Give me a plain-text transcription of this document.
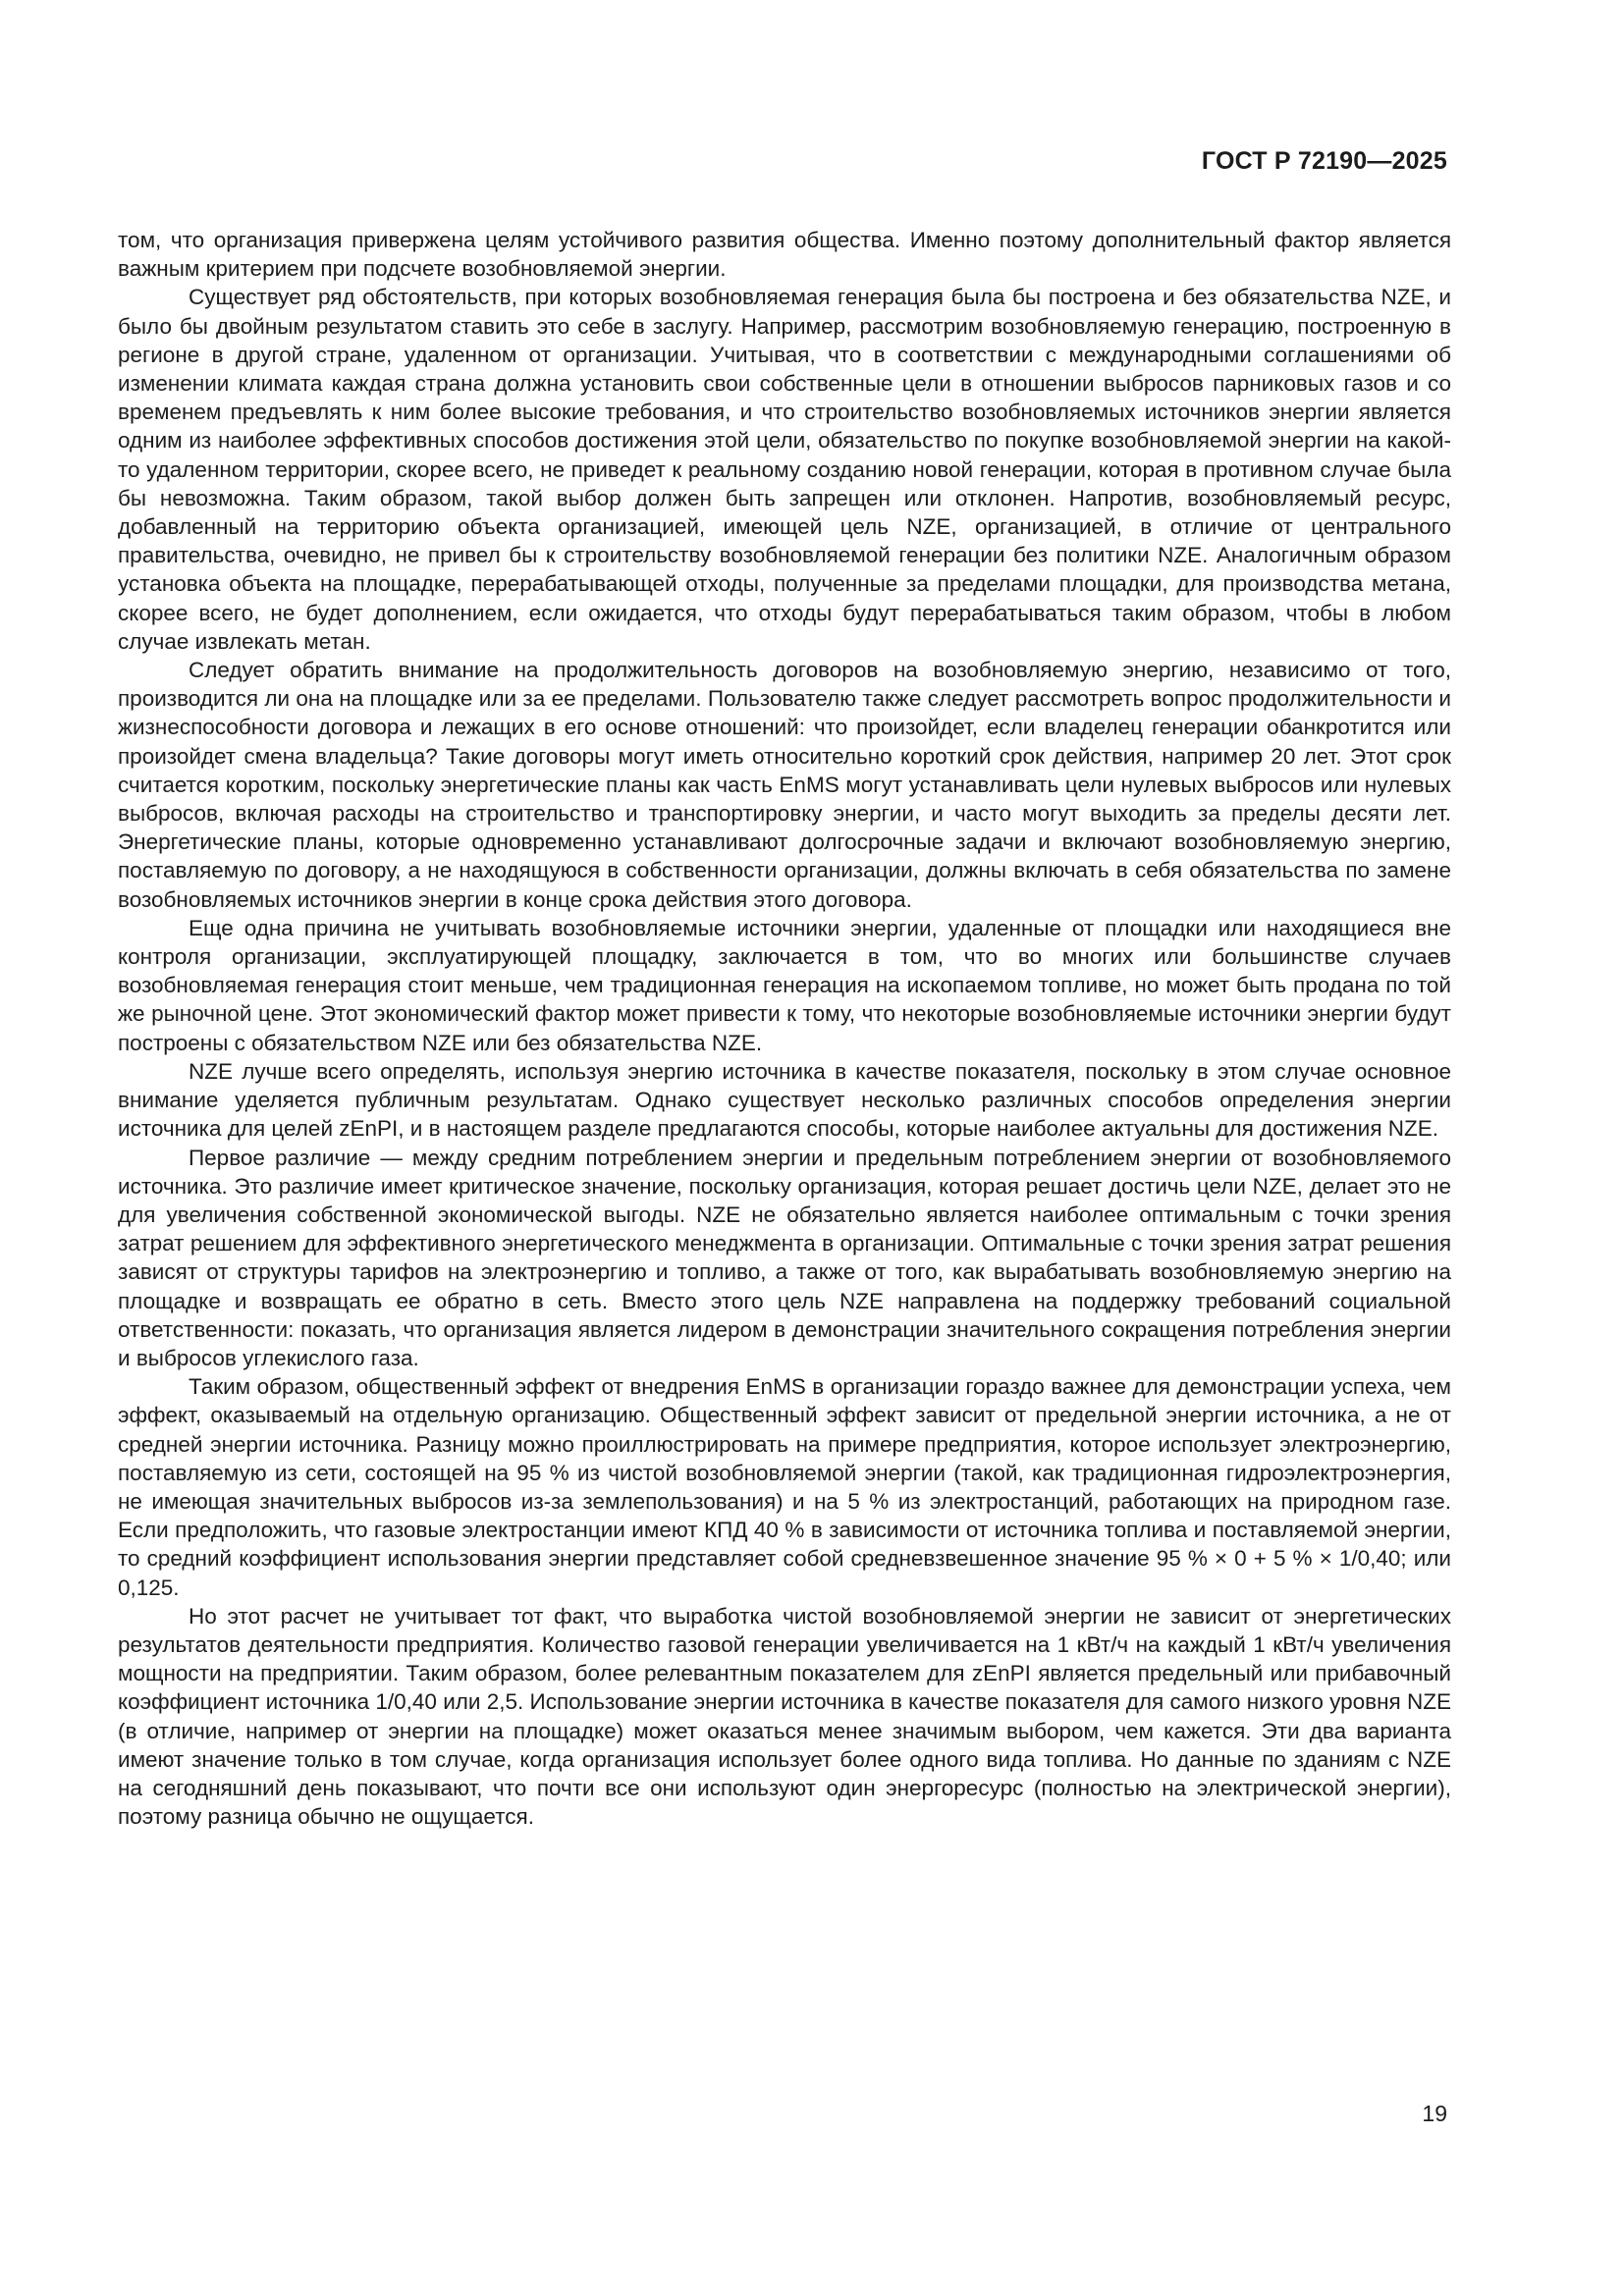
ГОСТ Р 72190—2025

том, что организация привержена целям устойчивого развития общества. Именно поэтому дополнительный фактор является важным критерием при подсчете возобновляемой энергии.

Существует ряд обстоятельств, при которых возобновляемая генерация была бы построена и без обязательства NZE, и было бы двойным результатом ставить это себе в заслугу. Например, рассмотрим возобновляемую генерацию, построенную в регионе в другой стране, удаленном от организации. Учитывая, что в соответствии с международными соглашениями об изменении климата каждая страна должна установить свои собственные цели в отношении выбросов парниковых газов и со временем предъевлять к ним более высокие требования, и что строительство возобновляемых источников энергии является одним из наиболее эффективных способов достижения этой цели, обязательство по покупке возобновляемой энергии на какой-то удаленном территории, скорее всего, не приведет к реальному созданию новой генерации, которая в противном случае была бы невозможна. Таким образом, такой выбор должен быть запрещен или отклонен. Напротив, возобновляемый ресурс, добавленный на территорию объекта организацией, имеющей цель NZE, организацией, в отличие от центрального правительства, очевидно, не привел бы к строительству возобновляемой генерации без политики NZE. Аналогичным образом установка объекта на площадке, перерабатывающей отходы, полученные за пределами площадки, для производства метана, скорее всего, не будет дополнением, если ожидается, что отходы будут перерабатываться таким образом, чтобы в любом случае извлекать метан.

Следует обратить внимание на продолжительность договоров на возобновляемую энергию, независимо от того, производится ли она на площадке или за ее пределами. Пользователю также следует рассмотреть вопрос продолжительности и жизнеспособности договора и лежащих в его основе отношений: что произойдет, если владелец генерации обанкротится или произойдет смена владельца? Такие договоры могут иметь относительно короткий срок действия, например 20 лет. Этот срок считается коротким, поскольку энергетические планы как часть EnMS могут устанавливать цели нулевых выбросов или нулевых выбросов, включая расходы на строительство и транспортировку энергии, и часто могут выходить за пределы десяти лет. Энергетические планы, которые одновременно устанавливают долгосрочные задачи и включают возобновляемую энергию, поставляемую по договору, а не находящуюся в собственности организации, должны включать в себя обязательства по замене возобновляемых источников энергии в конце срока действия этого договора.

Еще одна причина не учитывать возобновляемые источники энергии, удаленные от площадки или находящиеся вне контроля организации, эксплуатирующей площадку, заключается в том, что во многих или большинстве случаев возобновляемая генерация стоит меньше, чем традиционная генерация на ископаемом топливе, но может быть продана по той же рыночной цене. Этот экономический фактор может привести к тому, что некоторые возобновляемые источники энергии будут построены с обязательством NZE или без обязательства NZE.

NZE лучше всего определять, используя энергию источника в качестве показателя, поскольку в этом случае основное внимание уделяется публичным результатам. Однако существует несколько различных способов определения энергии источника для целей zEnPI, и в настоящем разделе предлагаются способы, которые наиболее актуальны для достижения NZE.

Первое различие — между средним потреблением энергии и предельным потреблением энергии от возобновляемого источника. Это различие имеет критическое значение, поскольку организация, которая решает достичь цели NZE, делает это не для увеличения собственной экономической выгоды. NZE не обязательно является наиболее оптимальным с точки зрения затрат решением для эффективного энергетического менеджмента в организации. Оптимальные с точки зрения затрат решения зависят от структуры тарифов на электроэнергию и топливо, а также от того, как вырабатывать возобновляемую энергию на площадке и возвращать ее обратно в сеть. Вместо этого цель NZE направлена на поддержку требований социальной ответственности: показать, что организация является лидером в демонстрации значительного сокращения потребления энергии и выбросов углекислого газа.

Таким образом, общественный эффект от внедрения EnMS в организации гораздо важнее для демонстрации успеха, чем эффект, оказываемый на отдельную организацию. Общественный эффект зависит от предельной энергии источника, а не от средней энергии источника. Разницу можно проиллюстрировать на примере предприятия, которое использует электроэнергию, поставляемую из сети, состоящей на 95 % из чистой возобновляемой энергии (такой, как традиционная гидроэлектроэнергия, не имеющая значительных выбросов из-за землепользования) и на 5 % из электростанций, работающих на природном газе. Если предположить, что газовые электростанции имеют КПД 40 % в зависимости от источника топлива и поставляемой энергии, то средний коэффициент использования энергии представляет собой средневзвешенное значение 95 % × 0 + 5 % × 1/0,40; или 0,125.

Но этот расчет не учитывает тот факт, что выработка чистой возобновляемой энергии не зависит от энергетических результатов деятельности предприятия. Количество газовой генерации увеличивается на 1 кВт/ч на каждый 1 кВт/ч увеличения мощности на предприятии. Таким образом, более релевантным показателем для zEnPI является предельный или прибавочный коэффициент источника 1/0,40 или 2,5. Использование энергии источника в качестве показателя для самого низкого уровня NZE (в отличие, например от энергии на площадке) может оказаться менее значимым выбором, чем кажется. Эти два варианта имеют значение только в том случае, когда организация использует более одного вида топлива. Но данные по зданиям с NZE на сегодняшний день показывают, что почти все они используют один энергоресурс (полностью на электрической энергии), поэтому разница обычно не ощущается.

19
